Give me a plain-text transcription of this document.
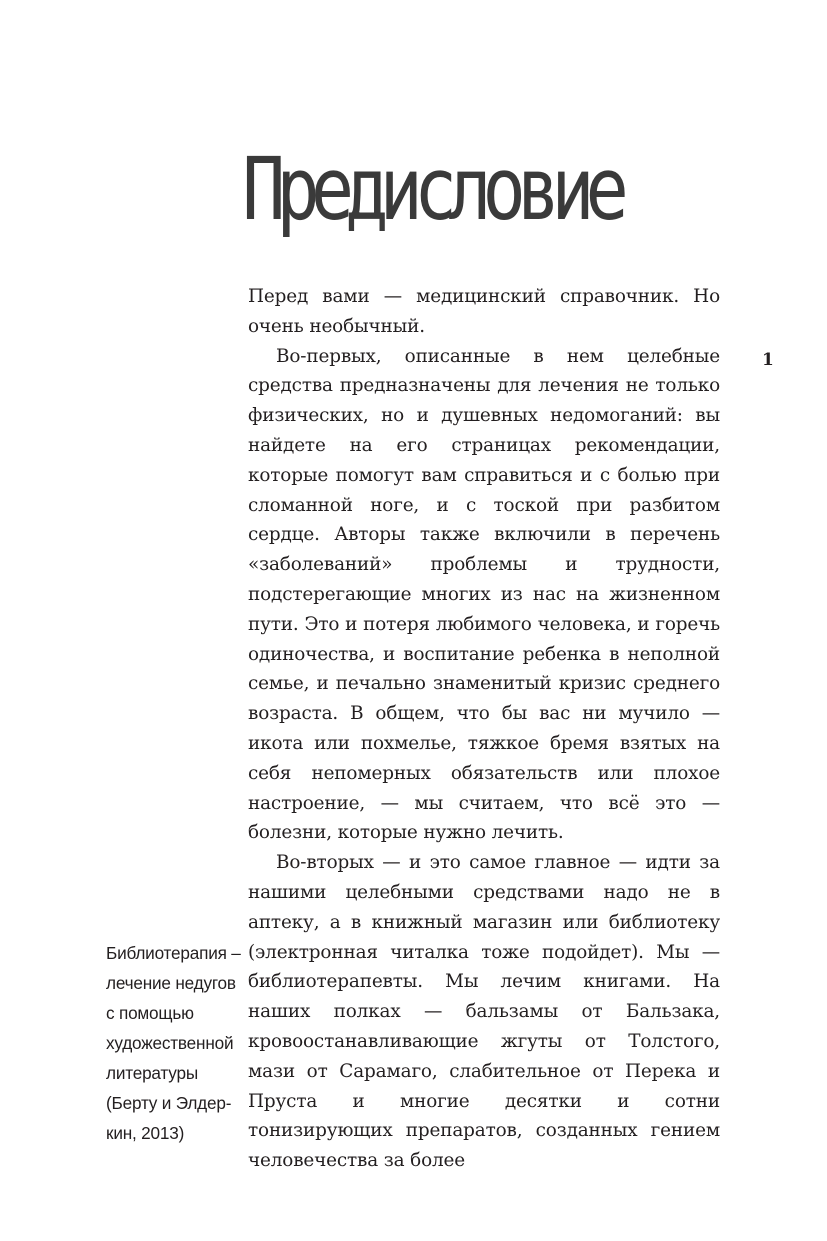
Предисловие
1

Перед вами — медицинский справочник. Но очень необычный.

Во-первых, описанные в нем целебные средства предназначены для лечения не только физических, но и душевных недомоганий: вы найдете на его страницах рекомендации, которые помогут вам справиться и с болью при сломанной ноге, и с тоской при разбитом сердце. Авторы также включили в перечень «заболеваний» проблемы и трудности, подстерегающие многих из нас на жизненном пути. Это и потеря любимого человека, и горечь одиночества, и воспитание ребенка в неполной семье, и печально знаменитый кризис среднего возраста. В общем, что бы вас ни мучило — икота или похмелье, тяжкое бремя взятых на себя непомерных обязательств или плохое настроение, — мы считаем, что всё это — болезни, которые нужно лечить.

Во-вторых — и это самое главное — идти за нашими целебными средствами надо не в аптеку, а в книжный магазин или библиотеку (электронная читалка тоже подойдет). Мы — библиотерапевты. Мы лечим книгами. На наших полках — бальзамы от Бальзака, кровоостанавливающие жгуты от Толстого, мази от Сарамаго, слабительное от Перека и Пруста и многие десятки и сотни тонизирующих препаратов, созданных гением человечества за более

Библиотерапия –
лечение недугов
с помощью
художественной
литературы
(Берту и Элдер-
кин, 2013)
